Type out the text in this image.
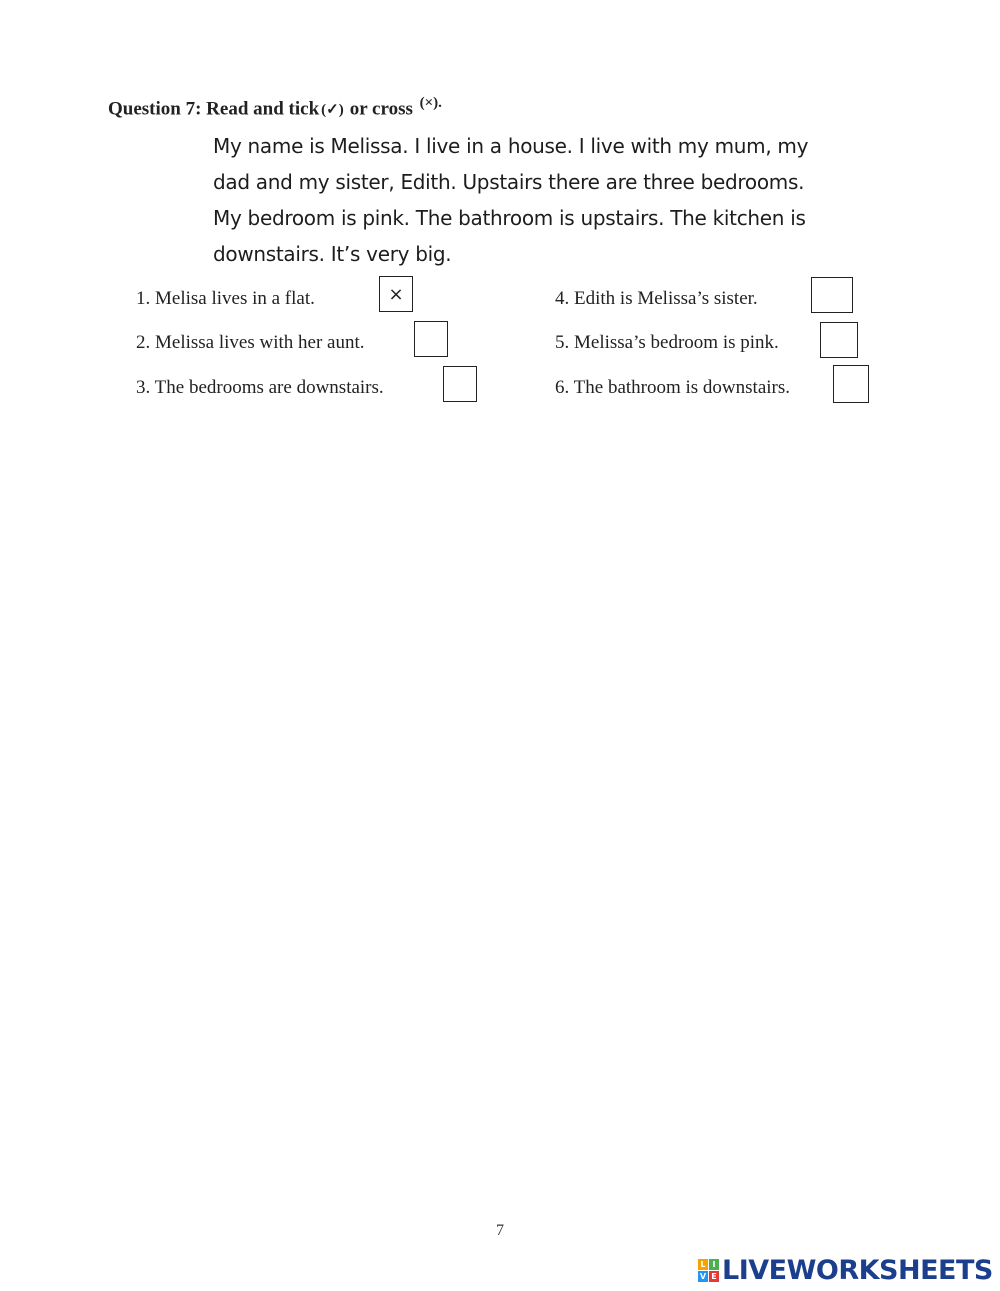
Question 7: Read and tick (✓) or cross (×).

My name is Melissa. I live in a house. I live with my mum, my

dad and my sister, Edith. Upstairs there are three bedrooms.

My bedroom is pink. The bathroom is upstairs. The kitchen is

downstairs. It’s very big.

1. Melisa lives in a flat.	×
2. Melissa lives with her aunt.
3. The bedrooms are downstairs.
4. Edith is Melissa’s sister.
5. Melissa’s bedroom is pink.
6. The bathroom is downstairs.
7
L I
V E LIVEWORKSHEETS
